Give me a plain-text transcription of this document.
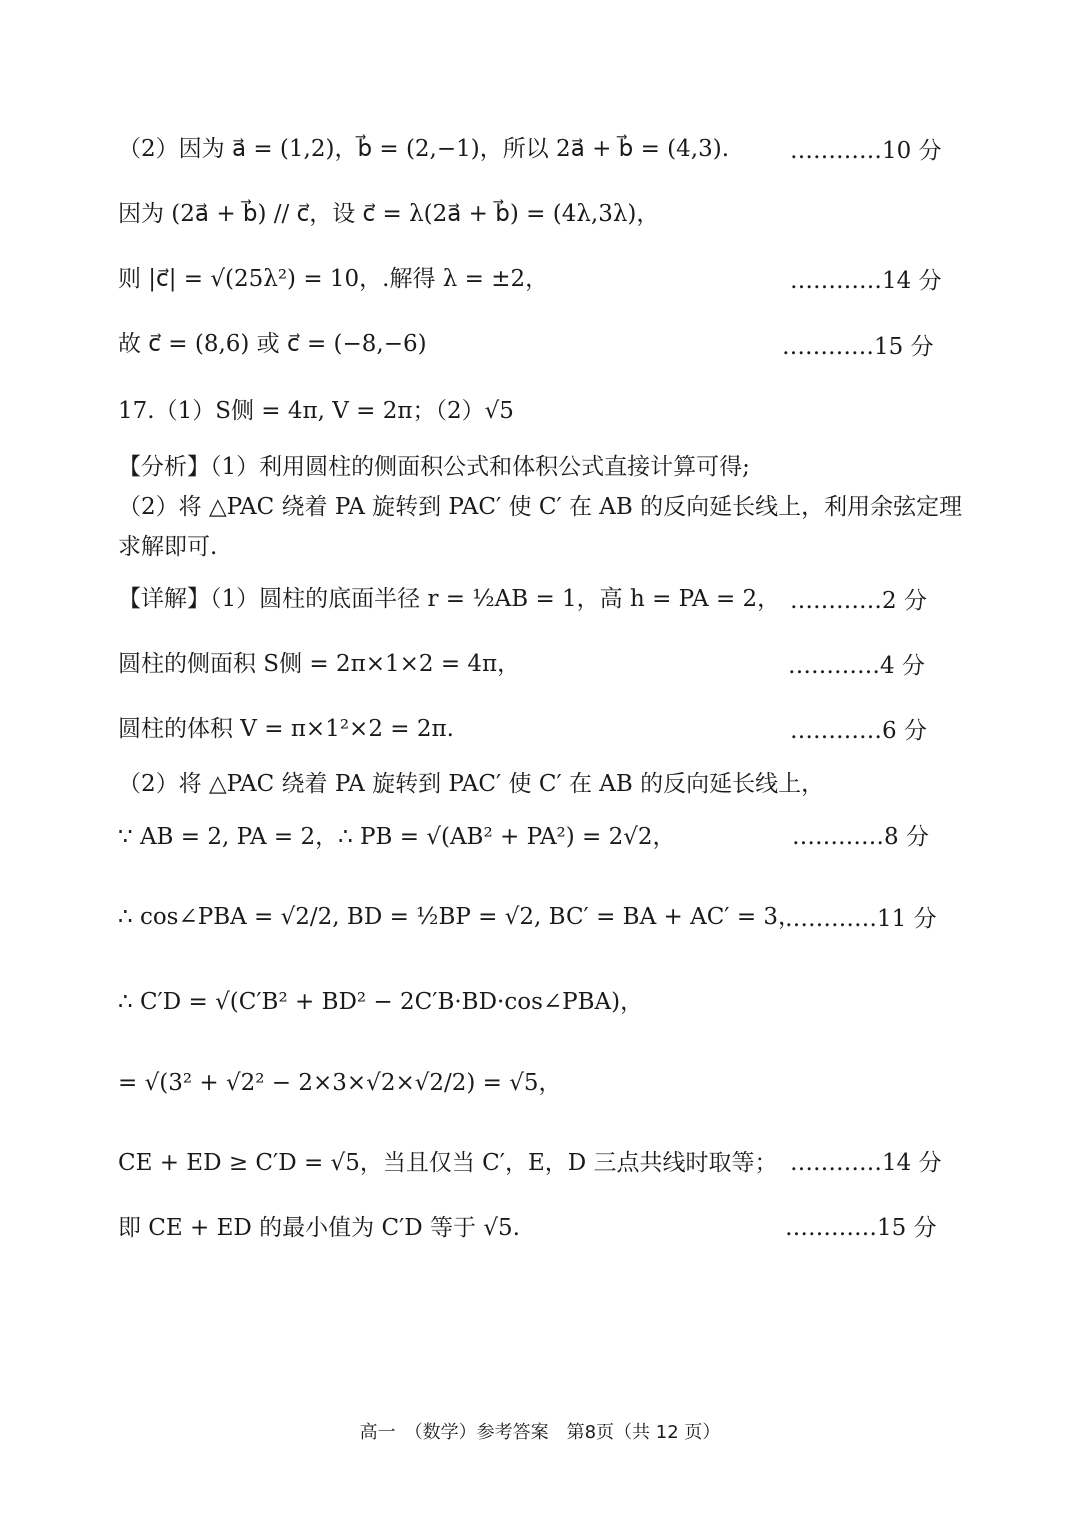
（2）因为 a⃗ = (1,2)，b⃗ = (2,−1)，所以 2a⃗ + b⃗ = (4,3).	…………10 分
因为 (2a⃗ + b⃗) // c⃗，设 c⃗ = λ(2a⃗ + b⃗) = (4λ,3λ)，
则 |c⃗| = √(25λ²) = 10，.解得 λ = ±2，	…………14 分
故 c⃗ = (8,6) 或 c⃗ = (−8,−6)	…………15 分
17.（1）S侧 = 4π, V = 2π；（2）√5
【分析】（1）利用圆柱的侧面积公式和体积公式直接计算可得;
（2）将 △PAC 绕着 PA 旋转到 PAC′ 使 C′ 在 AB 的反向延长线上，利用余弦定理
求解即可.
【详解】（1）圆柱的底面半径 r = ½AB = 1，高 h = PA = 2， …………2 分
圆柱的侧面积 S侧 = 2π×1×2 = 4π，	…………4 分
圆柱的体积 V = π×1²×2 = 2π.	…………6 分
（2）将 △PAC 绕着 PA 旋转到 PAC′ 使 C′ 在 AB 的反向延长线上，
∵ AB = 2, PA = 2，∴ PB = √(AB² + PA²) = 2√2，	…………8 分
∴ cos∠PBA = √2/2, BD = ½BP = √2, BC′ = BA + AC′ = 3，
…………11 分
∴ C′D = √(C′B² + BD² − 2C′B·BD·cos∠PBA)，
= √(3² + √2² − 2×3×√2×√2/2) = √5，
CE + ED ≥ C′D = √5，当且仅当 C′，E，D 三点共线时取等； …………14 分
即 CE + ED 的最小值为 C′D 等于 √5.	…………15 分
高一　（数学）参考答案　第8页（共 12 页）
